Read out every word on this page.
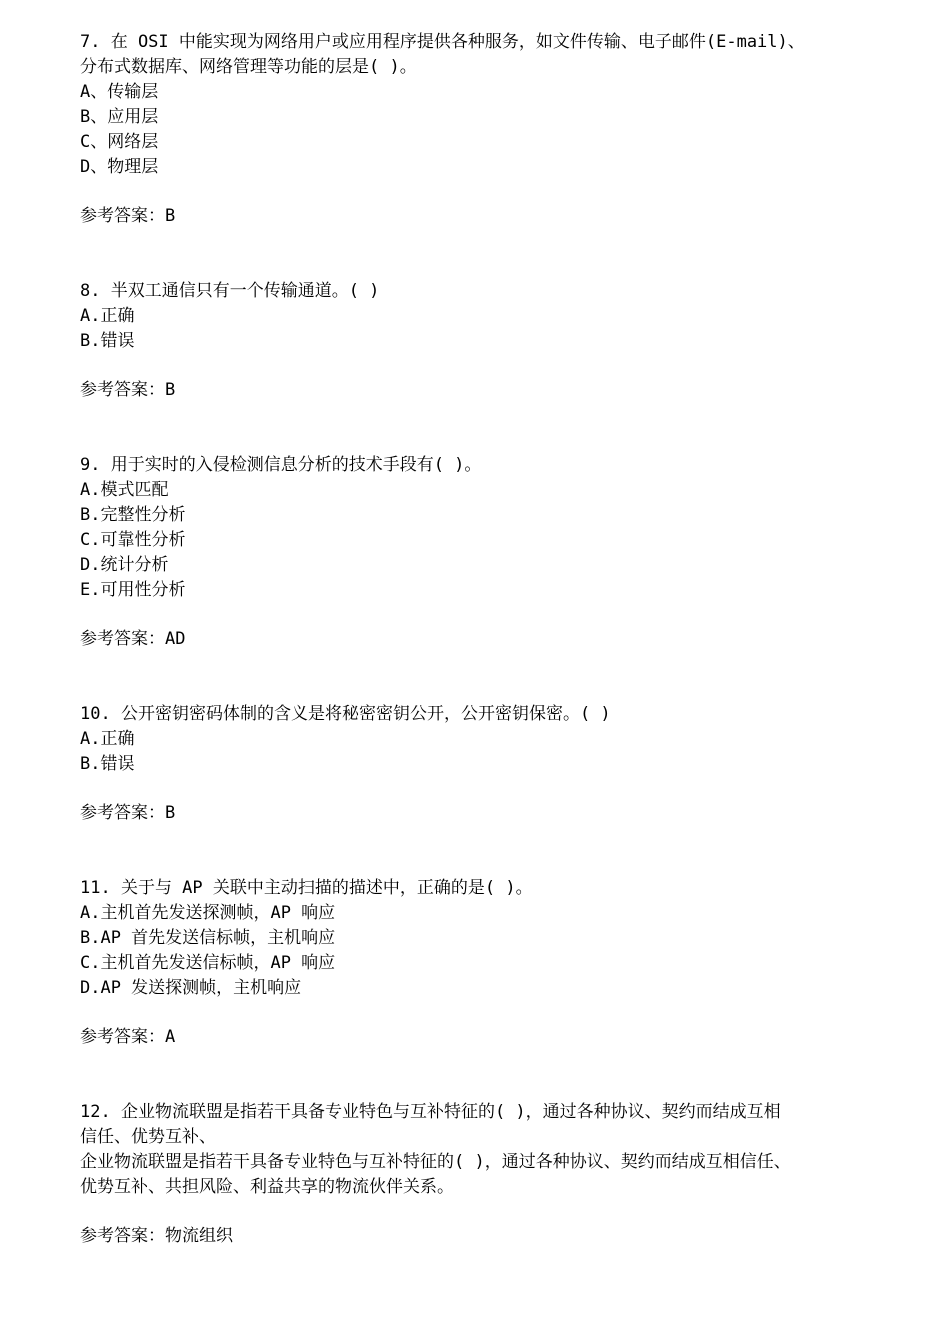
7. 在 OSI 中能实现为网络用户或应用程序提供各种服务，如文件传输、电子邮件(E-mail)、
分布式数据库、网络管理等功能的层是( )。
A、传输层
B、应用层
C、网络层
D、物理层
参考答案：B
8. 半双工通信只有一个传输通道。( )
A.正确
B.错误
参考答案：B
9. 用于实时的入侵检测信息分析的技术手段有( )。
A.模式匹配
B.完整性分析
C.可靠性分析
D.统计分析
E.可用性分析
参考答案：AD
10. 公开密钥密码体制的含义是将秘密密钥公开，公开密钥保密。( )
A.正确
B.错误
参考答案：B
11. 关于与 AP 关联中主动扫描的描述中，正确的是( )。
A.主机首先发送探测帧，AP 响应
B.AP 首先发送信标帧，主机响应
C.主机首先发送信标帧，AP 响应
D.AP 发送探测帧，主机响应
参考答案：A
12. 企业物流联盟是指若干具备专业特色与互补特征的( )，通过各种协议、契约而结成互相
信任、优势互补、
企业物流联盟是指若干具备专业特色与互补特征的( )，通过各种协议、契约而结成互相信任、
优势互补、共担风险、利益共享的物流伙伴关系。
参考答案：物流组织
